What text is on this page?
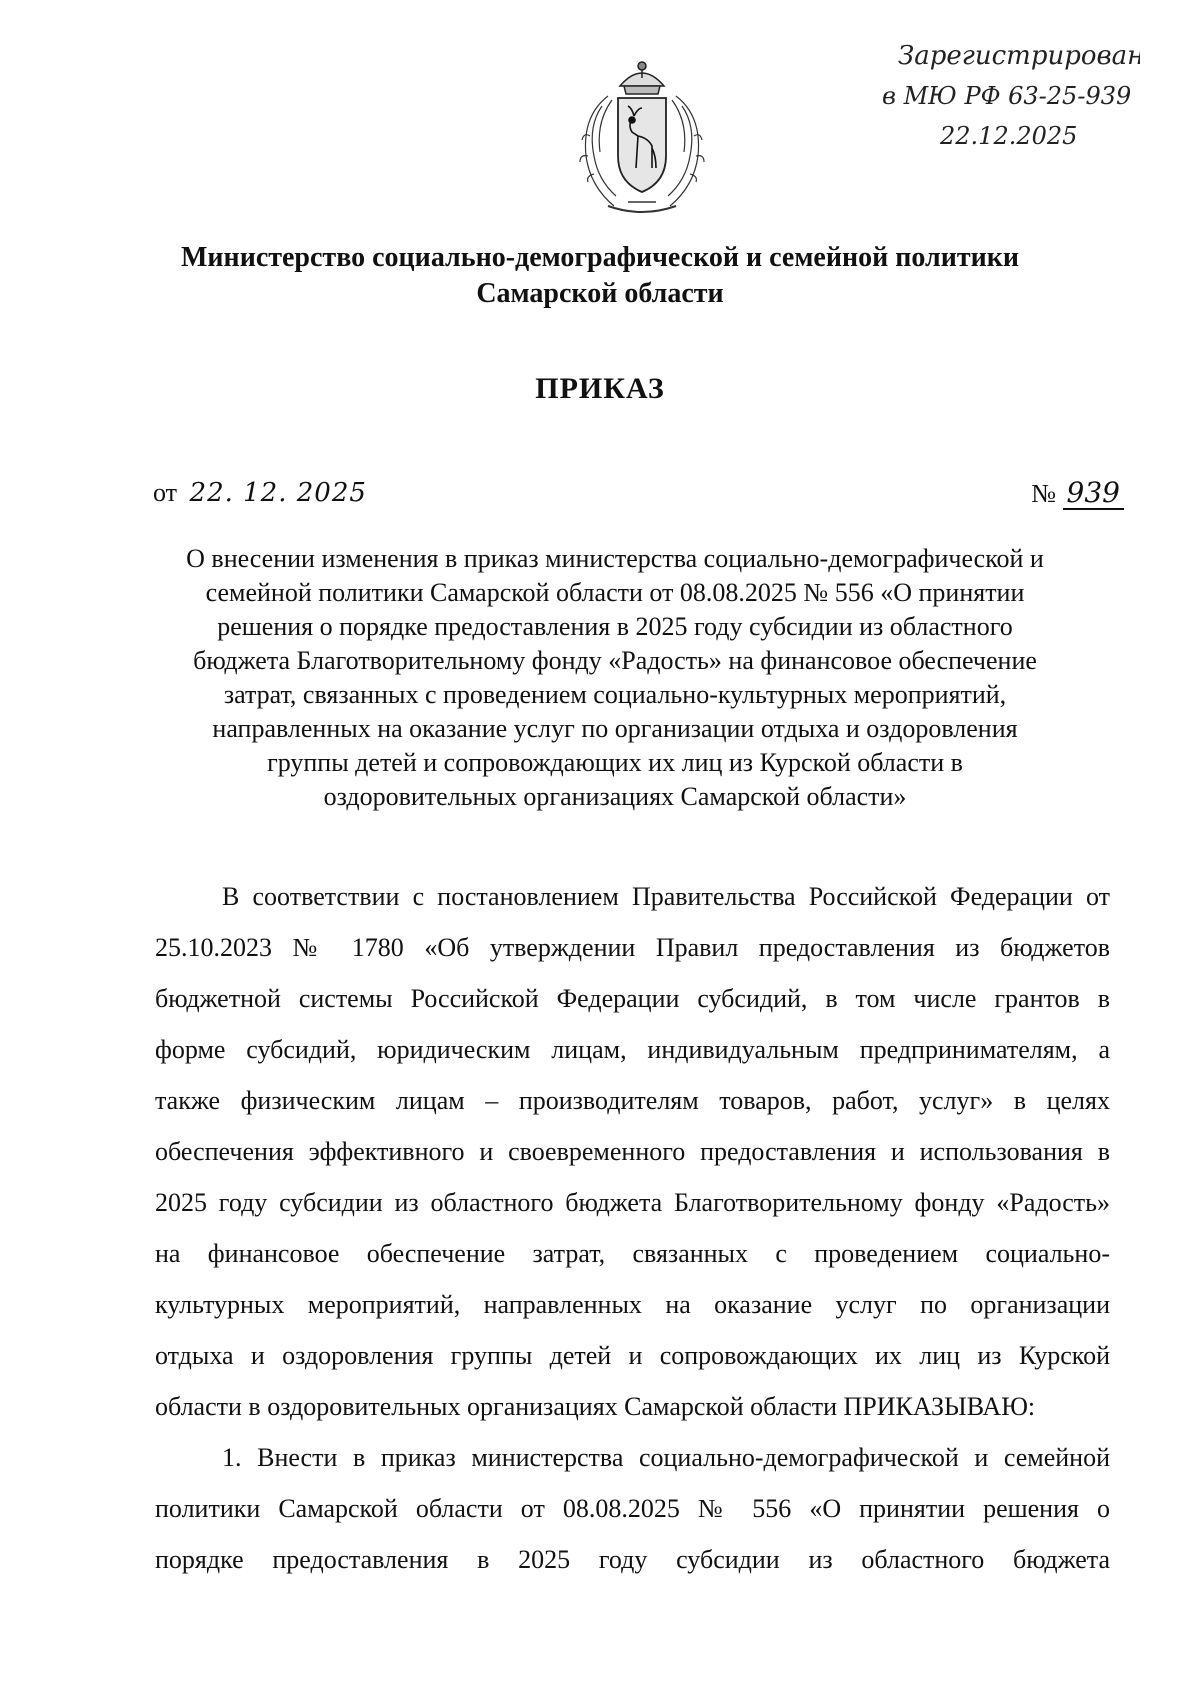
Зарегистрирован
в МЮ РФ 63-25-939
22.12.2025
Министерство социально-демографической и семейной политики
Самарской области
ПРИКАЗ
от 22. 12. 2025	№ 939
О внесении изменения в приказ министерства социально-демографической и
семейной политики Самарской области от 08.08.2025 № 556 «О принятии
решения о порядке предоставления в 2025 году субсидии из областного
бюджета Благотворительному фонду «Радость» на финансовое обеспечение
затрат, связанных с проведением социально-культурных мероприятий,
направленных на оказание услуг по организации отдыха и оздоровления
группы детей и сопровождающих их лиц из Курской области в
оздоровительных организациях Самарской области»
В соответствии с постановлением Правительства Российской Федерации от
25.10.2023 № 1780 «Об утверждении Правил предоставления из бюджетов
бюджетной системы Российской Федерации субсидий, в том числе грантов в
форме субсидий, юридическим лицам, индивидуальным предпринимателям, а
также физическим лицам – производителям товаров, работ, услуг» в целях
обеспечения эффективного и своевременного предоставления и использования в
2025 году субсидии из областного бюджета Благотворительному фонду «Радость»
на финансовое обеспечение затрат, связанных с проведением социально-
культурных мероприятий, направленных на оказание услуг по организации
отдыха и оздоровления группы детей и сопровождающих их лиц из Курской
области в оздоровительных организациях Самарской области ПРИКАЗЫВАЮ:
1. Внести в приказ министерства социально-демографической и семейной
политики Самарской области от 08.08.2025 № 556 «О принятии решения о
порядке предоставления в 2025 году субсидии из областного бюджета
